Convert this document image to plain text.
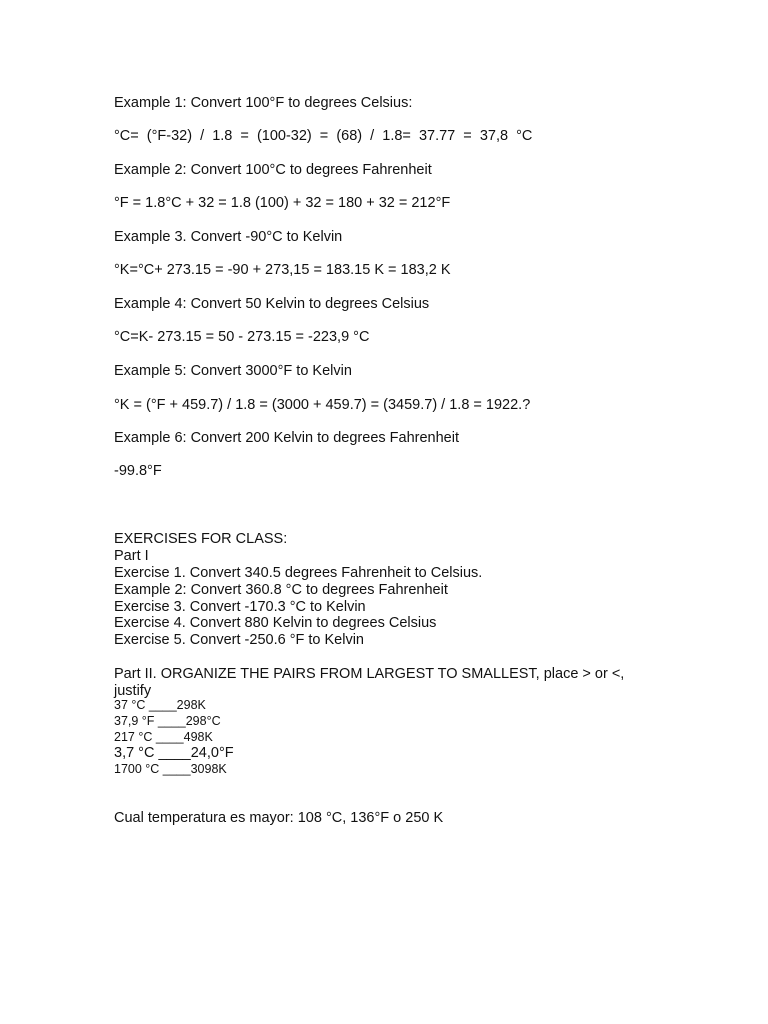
Example 1: Convert 100°F to degrees Celsius:
°C=  (°F-32)  /  1.8  =  (100-32)  =  (68)  /  1.8=  37.77  =  37,8  °C
Example 2: Convert 100°C to degrees Fahrenheit
°F = 1.8°C + 32 = 1.8 (100) + 32 = 180 + 32 = 212°F
Example 3. Convert -90°C to Kelvin
°K=°C+ 273.15 = -90 + 273,15 = 183.15 K = 183,2 K
Example 4: Convert 50 Kelvin to degrees Celsius
°C=K- 273.15 = 50 - 273.15 = -223,9 °C
Example 5: Convert 3000°F to Kelvin
°K = (°F + 459.7) / 1.8 = (3000 + 459.7) = (3459.7) / 1.8 = 1922.?
Example 6: Convert 200 Kelvin to degrees Fahrenheit
-99.8°F
EXERCISES FOR CLASS:
Part I
Exercise 1. Convert 340.5 degrees Fahrenheit to Celsius.
Example 2: Convert 360.8 °C to degrees Fahrenheit
Exercise 3. Convert -170.3 °C to Kelvin
Exercise 4. Convert 880 Kelvin to degrees Celsius
Exercise 5. Convert -250.6 °F to Kelvin
Part II. ORGANIZE THE PAIRS FROM LARGEST TO SMALLEST, place > or <,
justify
37 °C ____298K
37,9 °F ____298°C
217 °C ____498K
3,7 °C ____24,0°F
1700 °C ____3098K
Cual temperatura es mayor: 108 °C, 136°F o 250 K
